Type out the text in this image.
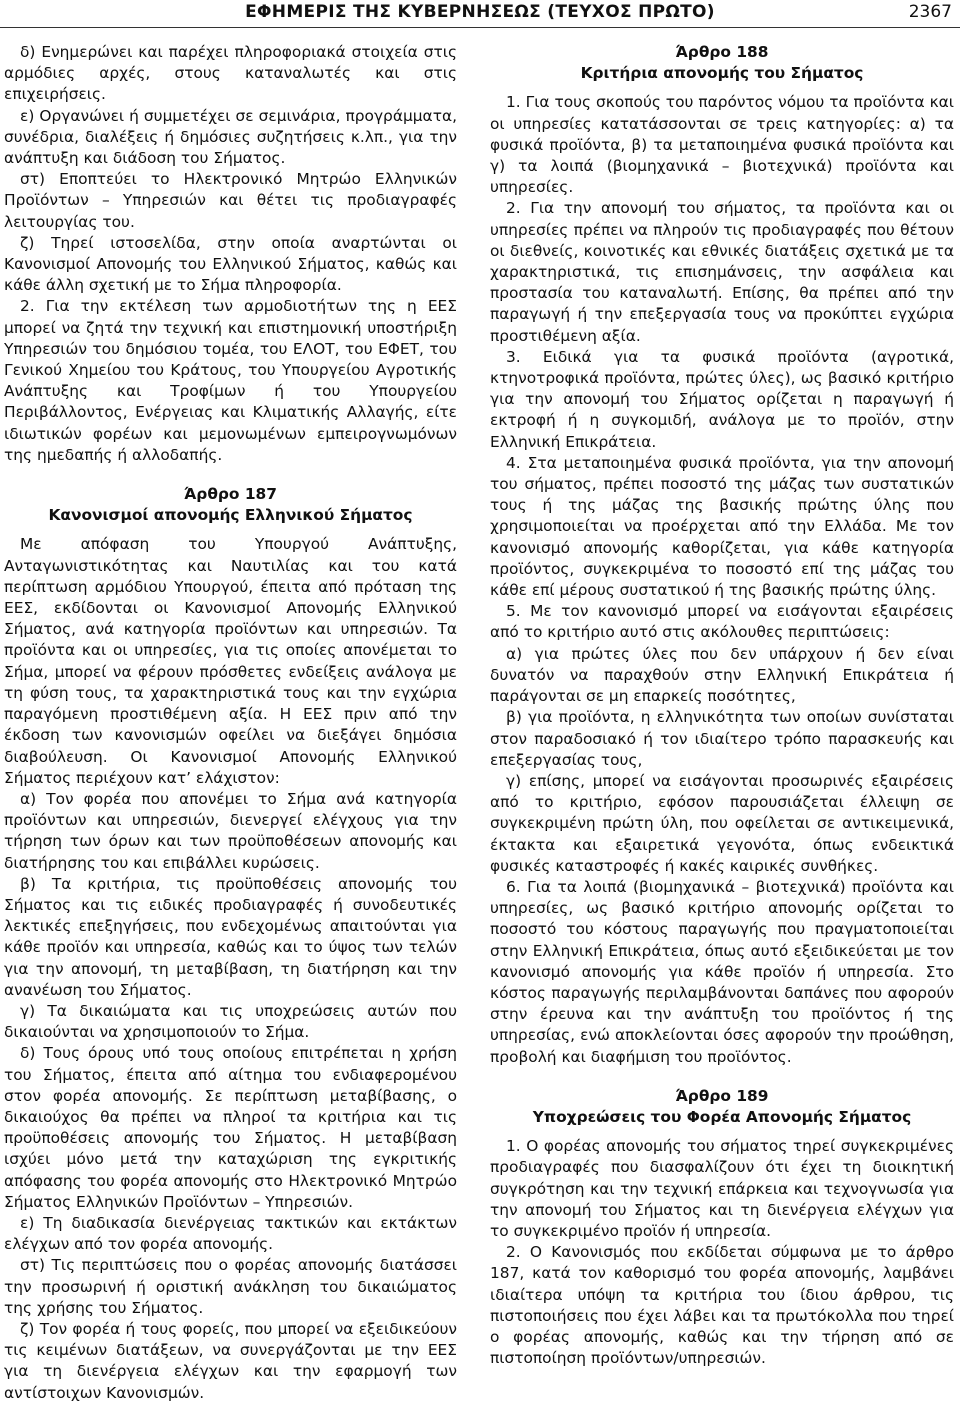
ΕΦΗΜΕΡΙΣ ΤΗΣ ΚΥΒΕΡΝΗΣΕΩΣ (ΤΕΥΧΟΣ ΠΡΩΤΟ)	2367

δ) Ενημερώνει και παρέχει πληροφοριακά στοιχεία στις αρμόδιες αρχές, στους καταναλωτές και στις επιχειρήσεις.

ε) Οργανώνει ή συμμετέχει σε σεμινάρια, προγράμματα, συνέδρια, διαλέξεις ή δημόσιες συζητήσεις κ.λπ., για την ανάπτυξη και διάδοση του Σήματος.

στ) Εποπτεύει το Ηλεκτρονικό Μητρώο Ελληνικών Προϊόντων – Υπηρεσιών και θέτει τις προδιαγραφές λειτουργίας του.

ζ) Τηρεί ιστοσελίδα, στην οποία αναρτώνται οι Κανονισμοί Απονομής του Ελληνικού Σήματος, καθώς και κάθε άλλη σχετική με το Σήμα πληροφορία.

2. Για την εκτέλεση των αρμοδιοτήτων της η ΕΕΣ μπορεί να ζητά την τεχνική και επιστημονική υποστήριξη Υπηρεσιών του δημόσιου τομέα, του ΕΛΟΤ, του ΕΦΕΤ, του Γενικού Χημείου του Κράτους, του Υπουργείου Αγροτικής Ανάπτυξης και Τροφίμων ή του Υπουργείου Περιβάλλοντος, Ενέργειας και Κλιματικής Αλλαγής, είτε ιδιωτικών φορέων και μεμονωμένων εμπειρογνωμόνων της ημεδαπής ή αλλοδαπής.

Άρθρο 187

Κανονισμοί απονομής Ελληνικού Σήματος

Με απόφαση του Υπουργού Ανάπτυξης, Ανταγωνιστικότητας και Ναυτιλίας και του κατά περίπτωση αρμόδιου Υπουργού, έπειτα από πρόταση της ΕΕΣ, εκδίδονται οι Κανονισμοί Απονομής Ελληνικού Σήματος, ανά κατηγορία προϊόντων και υπηρεσιών. Τα προϊόντα και οι υπηρεσίες, για τις οποίες απονέμεται το Σήμα, μπορεί να φέρουν πρόσθετες ενδείξεις ανάλογα με τη φύση τους, τα χαρακτηριστικά τους και την εγχώρια παραγόμενη προστιθέμενη αξία. Η ΕΕΣ πριν από την έκδοση των κανονισμών οφείλει να διεξάγει δημόσια διαβούλευση. Οι Κανονισμοί Απονομής Ελληνικού Σήματος περιέχουν κατ’ ελάχιστον:

α) Τον φορέα που απονέμει το Σήμα ανά κατηγορία προϊόντων και υπηρεσιών, διενεργεί ελέγχους για την τήρηση των όρων και των προϋποθέσεων απονομής και διατήρησης του και επιβάλλει κυρώσεις.

β) Τα κριτήρια, τις προϋποθέσεις απονομής του Σήματος και τις ειδικές προδιαγραφές ή συνοδευτικές λεκτικές επεξηγήσεις, που ενδεχομένως απαιτούνται για κάθε προϊόν και υπηρεσία, καθώς και το ύψος των τελών για την απονομή, τη μεταβίβαση, τη διατήρηση και την ανανέωση του Σήματος.

γ) Τα δικαιώματα και τις υποχρεώσεις αυτών που δικαιούνται να χρησιμοποιούν το Σήμα.

δ) Τους όρους υπό τους οποίους επιτρέπεται η χρήση του Σήματος, έπειτα από αίτημα του ενδιαφερομένου στον φορέα απονομής. Σε περίπτωση μεταβίβασης, ο δικαιούχος θα πρέπει να πληροί τα κριτήρια και τις προϋποθέσεις απονομής του Σήματος. Η μεταβίβαση ισχύει μόνο μετά την καταχώριση της εγκριτικής απόφασης του φορέα απονομής στο Ηλεκτρονικό Μητρώο Σήματος Ελληνικών Προϊόντων – Υπηρεσιών.

ε) Τη διαδικασία διενέργειας τακτικών και εκτάκτων ελέγχων από τον φορέα απονομής.

στ) Τις περιπτώσεις που ο φορέας απονομής διατάσσει την προσωρινή ή οριστική ανάκληση του δικαιώματος της χρήσης του Σήματος.

ζ) Τον φορέα ή τους φορείς, που μπορεί να εξειδικεύουν τις κειμένων διατάξεων, να συνεργάζονται με την ΕΕΣ για τη διενέργεια ελέγχων και την εφαρμογή των αντίστοιχων Κανονισμών.

Άρθρο 188

Κριτήρια απονομής του Σήματος

1. Για τους σκοπούς του παρόντος νόμου τα προϊόντα και οι υπηρεσίες κατατάσσονται σε τρεις κατηγορίες: α) τα φυσικά προϊόντα, β) τα μεταποιημένα φυσικά προϊόντα και γ) τα λοιπά (βιομηχανικά – βιοτεχνικά) προϊόντα και υπηρεσίες.

2. Για την απονομή του σήματος, τα προϊόντα και οι υπηρεσίες πρέπει να πληρούν τις προδιαγραφές που θέτουν οι διεθνείς, κοινοτικές και εθνικές διατάξεις σχετικά με τα χαρακτηριστικά, τις επισημάνσεις, την ασφάλεια και προστασία του καταναλωτή. Επίσης, θα πρέπει από την παραγωγή ή την επεξεργασία τους να προκύπτει εγχώρια προστιθέμενη αξία.

3. Ειδικά για τα φυσικά προϊόντα (αγροτικά, κτηνοτροφικά προϊόντα, πρώτες ύλες), ως βασικό κριτήριο για την απονομή του Σήματος ορίζεται η παραγωγή ή εκτροφή ή η συγκομιδή, ανάλογα με το προϊόν, στην Ελληνική Επικράτεια.

4. Στα μεταποιημένα φυσικά προϊόντα, για την απονομή του σήματος, πρέπει ποσοστό της μάζας των συστατικών τους ή της μάζας της βασικής πρώτης ύλης που χρησιμοποιείται να προέρχεται από την Ελλάδα. Με τον κανονισμό απονομής καθορίζεται, για κάθε κατηγορία προϊόντος, συγκεκριμένα το ποσοστό επί της μάζας του κάθε επί μέρους συστατικού ή της βασικής πρώτης ύλης.

5. Με τον κανονισμό μπορεί να εισάγονται εξαιρέσεις από το κριτήριο αυτό στις ακόλουθες περιπτώσεις:

α) για πρώτες ύλες που δεν υπάρχουν ή δεν είναι δυνατόν να παραχθούν στην Ελληνική Επικράτεια ή παράγονται σε μη επαρκείς ποσότητες,

β) για προϊόντα, η ελληνικότητα των οποίων συνίσταται στον παραδοσιακό ή τον ιδιαίτερο τρόπο παρασκευής και επεξεργασίας τους,

γ) επίσης, μπορεί να εισάγονται προσωρινές εξαιρέσεις από το κριτήριο, εφόσον παρουσιάζεται έλλειψη σε συγκεκριμένη πρώτη ύλη, που οφείλεται σε αντικειμενικά, έκτακτα και εξαιρετικά γεγονότα, όπως ενδεικτικά φυσικές καταστροφές ή κακές καιρικές συνθήκες.

6. Για τα λοιπά (βιομηχανικά – βιοτεχνικά) προϊόντα και υπηρεσίες, ως βασικό κριτήριο απονομής ορίζεται το ποσοστό του κόστους παραγωγής που πραγματοποιείται στην Ελληνική Επικράτεια, όπως αυτό εξειδικεύεται με τον κανονισμό απονομής για κάθε προϊόν ή υπηρεσία. Στο κόστος παραγωγής περιλαμβάνονται δαπάνες που αφορούν στην έρευνα και την ανάπτυξη του προϊόντος ή της υπηρεσίας, ενώ αποκλείονται όσες αφορούν την προώθηση, προβολή και διαφήμιση του προϊόντος.

Άρθρο 189

Υποχρεώσεις του Φορέα Απονομής Σήματος

1. Ο φορέας απονομής του σήματος τηρεί συγκεκριμένες προδιαγραφές που διασφαλίζουν ότι έχει τη διοικητική συγκρότηση και την τεχνική επάρκεια και τεχνογνωσία για την απονομή του Σήματος και τη διενέργεια ελέγχων για το συγκεκριμένο προϊόν ή υπηρεσία.

2. Ο Κανονισμός που εκδίδεται σύμφωνα με το άρθρο 187, κατά τον καθορισμό του φορέα απονομής, λαμβάνει ιδιαίτερα υπόψη τα κριτήρια του ίδιου άρθρου, τις πιστοποιήσεις που έχει λάβει και τα πρωτόκολλα που τηρεί ο φορέας απονομής, καθώς και την τήρηση από σε πιστοποίηση προϊόντων/υπηρεσιών.
